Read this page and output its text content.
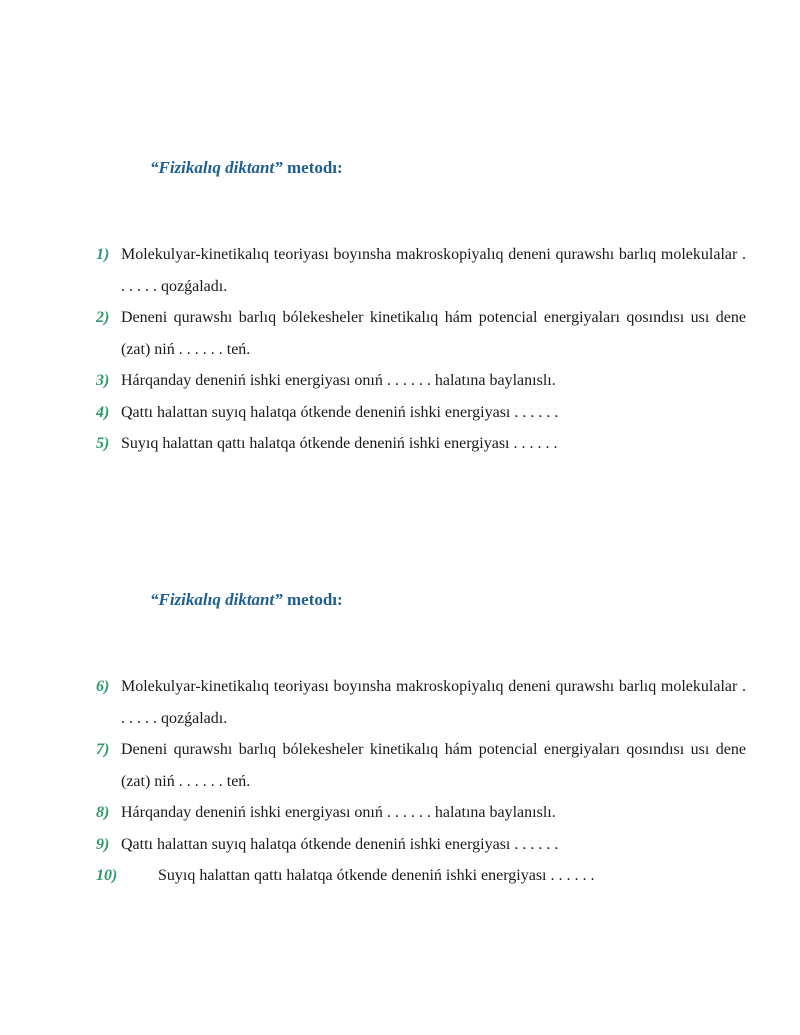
“Fizikalıq diktant” metodı:
1) Molekulyar-kinetikalıq teoriyası boyınsha makroskopiyalıq deneni qurawshı barlıq molekulalar . . . . . . qozǵaladı.
2) Deneni qurawshı barlıq bólekesheler kinetikalıq hám potencial energiyaları qosındısı usı dene (zat) niń . . . . . . teń.
3) Hárqanday deneniń ishki energiyası onıń . . . . . . halatına baylanıslı.
4) Qattı halattan suyıq halatqa ótkende deneniń ishki energiyası . . . . . .
5) Suyıq halattan qattı halatqa ótkende deneniń ishki energiyası . . . . . .
“Fizikalıq diktant” metodı:
6) Molekulyar-kinetikalıq teoriyası boyınsha makroskopiyalıq deneni qurawshı barlıq molekulalar . . . . . . qozǵaladı.
7) Deneni qurawshı barlıq bólekesheler kinetikalıq hám potencial energiyaları qosındısı usı dene (zat) niń . . . . . . teń.
8) Hárqanday deneniń ishki energiyası onıń . . . . . . halatına baylanıslı.
9) Qattı halattan suyıq halatqa ótkende deneniń ishki energiyası . . . . . .
10)	Suyıq halattan qattı halatqa ótkende deneniń ishki energiyası . . . . . .
